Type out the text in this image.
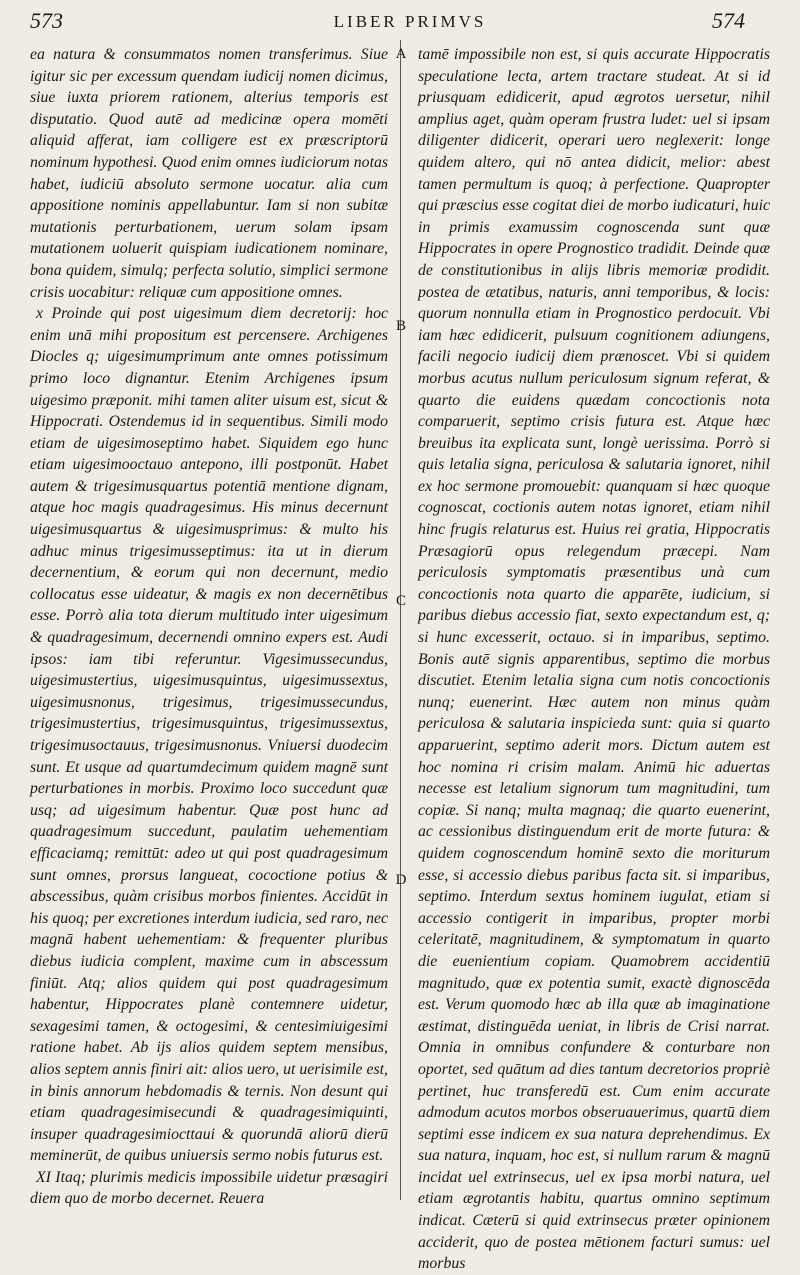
573	LIBER PRIMVS	574

ea natura & consummatos nomen transferimus. Siue igitur sic per excessum quendam iudicij nomen dicimus, siue iuxta priorem rationem, alterius temporis est disputatio. Quod autē ad medicinæ opera momēti aliquid afferat, iam colligere est ex præscriptorū nominum hypothesi. Quod enim omnes iudiciorum notas habet, iudiciū absoluto sermone uocatur. alia cum appositione nominis appellabuntur. Iam si non subitæ mutationis perturbationem, uerum solam ipsam mutationem uoluerit quispiam iudicationem nominare, bona quidem, simulq; perfecta solutio, simplici sermone crisis uocabitur: reliquæ cum appositione omnes.

x Proinde qui post uigesimum diem decretorij: hoc enim unā mihi propositum est percensere. Archigenes Diocles q; uigesimumprimum ante omnes potissimum primo loco dignantur. Etenim Archigenes ipsum uigesimo præponit. mihi tamen aliter uisum est, sicut & Hippocrati. Ostendemus id in sequentibus. Simili modo etiam de uigesimoseptimo habet. Siquidem ego hunc etiam uigesimooctauo antepono, illi postponūt. Habet autem & trigesimusquartus potentiā mentione dignam, atque hoc magis quadragesimus. His minus decernunt uigesimusquartus & uigesimusprimus: & multo his adhuc minus trigesimusseptimus: ita ut in dierum decernentium, & eorum qui non decernunt, medio collocatus esse uideatur, & magis ex non decernētibus esse. Porrò alia tota dierum multitudo inter uigesimum & quadragesimum, decernendi omnino expers est. Audi ipsos: iam tibi referuntur. Vigesimussecundus, uigesimustertius, uigesimusquintus, uigesimussextus, uigesimusnonus, trigesimus, trigesimussecundus, trigesimustertius, trigesimusquintus, trigesimussextus, trigesimusoctauus, trigesimusnonus. Vniuersi duodecim sunt. Et usque ad quartumdecimum quidem magnē sunt perturbationes in morbis. Proximo loco succedunt quæ usq; ad uigesimum habentur. Quæ post hunc ad quadragesimum succedunt, paulatim uehementiam efficaciamq; remittūt: adeo ut qui post quadragesimum sunt omnes, prorsus langueat, cococtione potius & abscessibus, quàm crisibus morbos finientes. Accidūt in his quoq; per excretiones interdum iudicia, sed raro, nec magnā habent uehementiam: & frequenter pluribus diebus iudicia complent, maxime cum in abscessum finiūt. Atq; alios quidem qui post quadragesimum habentur, Hippocrates planè contemnere uidetur, sexagesimi tamen, & octogesimi, & centesimiuigesimi ratione habet. Ab ijs alios quidem septem mensibus, alios septem annis finiri ait: alios uero, ut uerisimile est, in binis annorum hebdomadis & ternis. Non desunt qui etiam quadragesimisecundi & quadragesimiquinti, insuper quadragesimiocttaui & quorundā aliorū dierū meminerūt, de quibus uniuersis sermo nobis futurus est.

XI Itaq; plurimis medicis impossibile uidetur præsagiri diem quo de morbo decernet. Reuera

A
B
C
D

tamē impossibile non est, si quis accurate Hippocratis speculatione lecta, artem tractare studeat. At si id priusquam edidicerit, apud ægrotos uersetur, nihil amplius aget, quàm operam frustra ludet: uel si ipsam diligenter didicerit, operari uero neglexerit: longe quidem altero, qui nō antea didicit, melior: abest tamen permultum is quoq; à perfectione. Quapropter qui præscius esse cogitat diei de morbo iudicaturi, huic in primis examussim cognoscenda sunt quæ Hippocrates in opere Prognostico tradidit. Deinde quæ de constitutionibus in alijs libris memoriæ prodidit. postea de ætatibus, naturis, anni temporibus, & locis: quorum nonnulla etiam in Prognostico perdocuit. Vbi iam hæc edidicerit, pulsuum cognitionem adiungens, facili negocio iudicij diem prænoscet. Vbi si quidem morbus acutus nullum periculosum signum referat, & quarto die euidens quædam concoctionis nota comparuerit, septimo crisis futura est. Atque hæc breuibus ita explicata sunt, longè uerissima. Porrò si quis letalia signa, periculosa & salutaria ignoret, nihil ex hoc sermone promouebit: quanquam si hæc quoque cognoscat, coctionis autem notas ignoret, etiam nihil hinc frugis relaturus est. Huius rei gratia, Hippocratis Præsagiorū opus relegendum præcepi. Nam periculosis symptomatis præsentibus unà cum concoctionis nota quarto die apparēte, iudicium, si paribus diebus accessio fiat, sexto expectandum est, q; si hunc excesserit, octauo. si in imparibus, septimo. Bonis autē signis apparentibus, septimo die morbus discutiet. Etenim letalia signa cum notis concoctionis nunq; euenerint. Hæc autem non minus quàm periculosa & salutaria inspicieda sunt: quia si quarto apparuerint, septimo aderit mors. Dictum autem est hoc nomina ri crisim malam. Animū hic aduertas necesse est letalium signorum tum magnitudini, tum copiæ. Si nanq; multa magnaq; die quarto euenerint, ac cessionibus distinguendum erit de morte futura: & quidem cognoscendum hominē sexto die moriturum esse, si accessio diebus paribus facta sit. si imparibus, septimo. Interdum sextus hominem iugulat, etiam si accessio contigerit in imparibus, propter morbi celeritatē, magnitudinem, & symptomatum in quarto die euenientium copiam. Quamobrem accidentiū magnitudo, quæ ex potentia sumit, exactè dignoscēda est. Verum quomodo hæc ab illa quæ ab imaginatione æstimat, distinguēda ueniat, in libris de Crisi narrat. Omnia in omnibus confundere & conturbare non oportet, sed quātum ad dies tantum decretorios propriè pertinet, huc transferedū est. Cum enim accurate admodum acutos morbos obseruauerimus, quartū diem septimi esse indicem ex sua natura deprehendimus. Ex sua natura, inquam, hoc est, si nullum rarum & magnū incidat uel extrinsecus, uel ex ipsa morbi natura, uel etiam ægrotantis habitu, quartus omnino septimum indicat. Cæterū si quid extrinsecus præter opinionem acciderit, quo de postea mētionem facturi sumus: uel morbus
